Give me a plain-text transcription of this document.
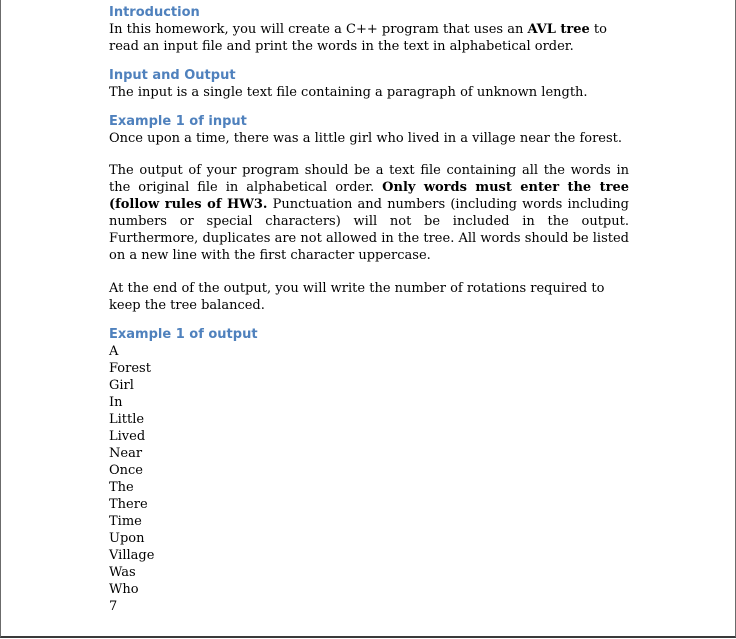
Introduction

In this homework, you will create a C++ program that uses an AVL tree to read an input file and print the words in the text in alphabetical order.

Input and Output

The input is a single text file containing a paragraph of unknown length.

Example 1 of input

Once upon a time, there was a little girl who lived in a village near the forest.

The output of your program should be a text file containing all the words in the original file in alphabetical order. Only words must enter the tree (follow rules of HW3. Punctuation and numbers (including words including numbers or special characters) will not be included in the output. Furthermore, duplicates are not allowed in the tree. All words should be listed on a new line with the first character uppercase.

At the end of the output, you will write the number of rotations required to keep the tree balanced.

Example 1 of output
A
Forest
Girl
In
Little
Lived
Near
Once
The
There
Time
Upon
Village
Was
Who
7
